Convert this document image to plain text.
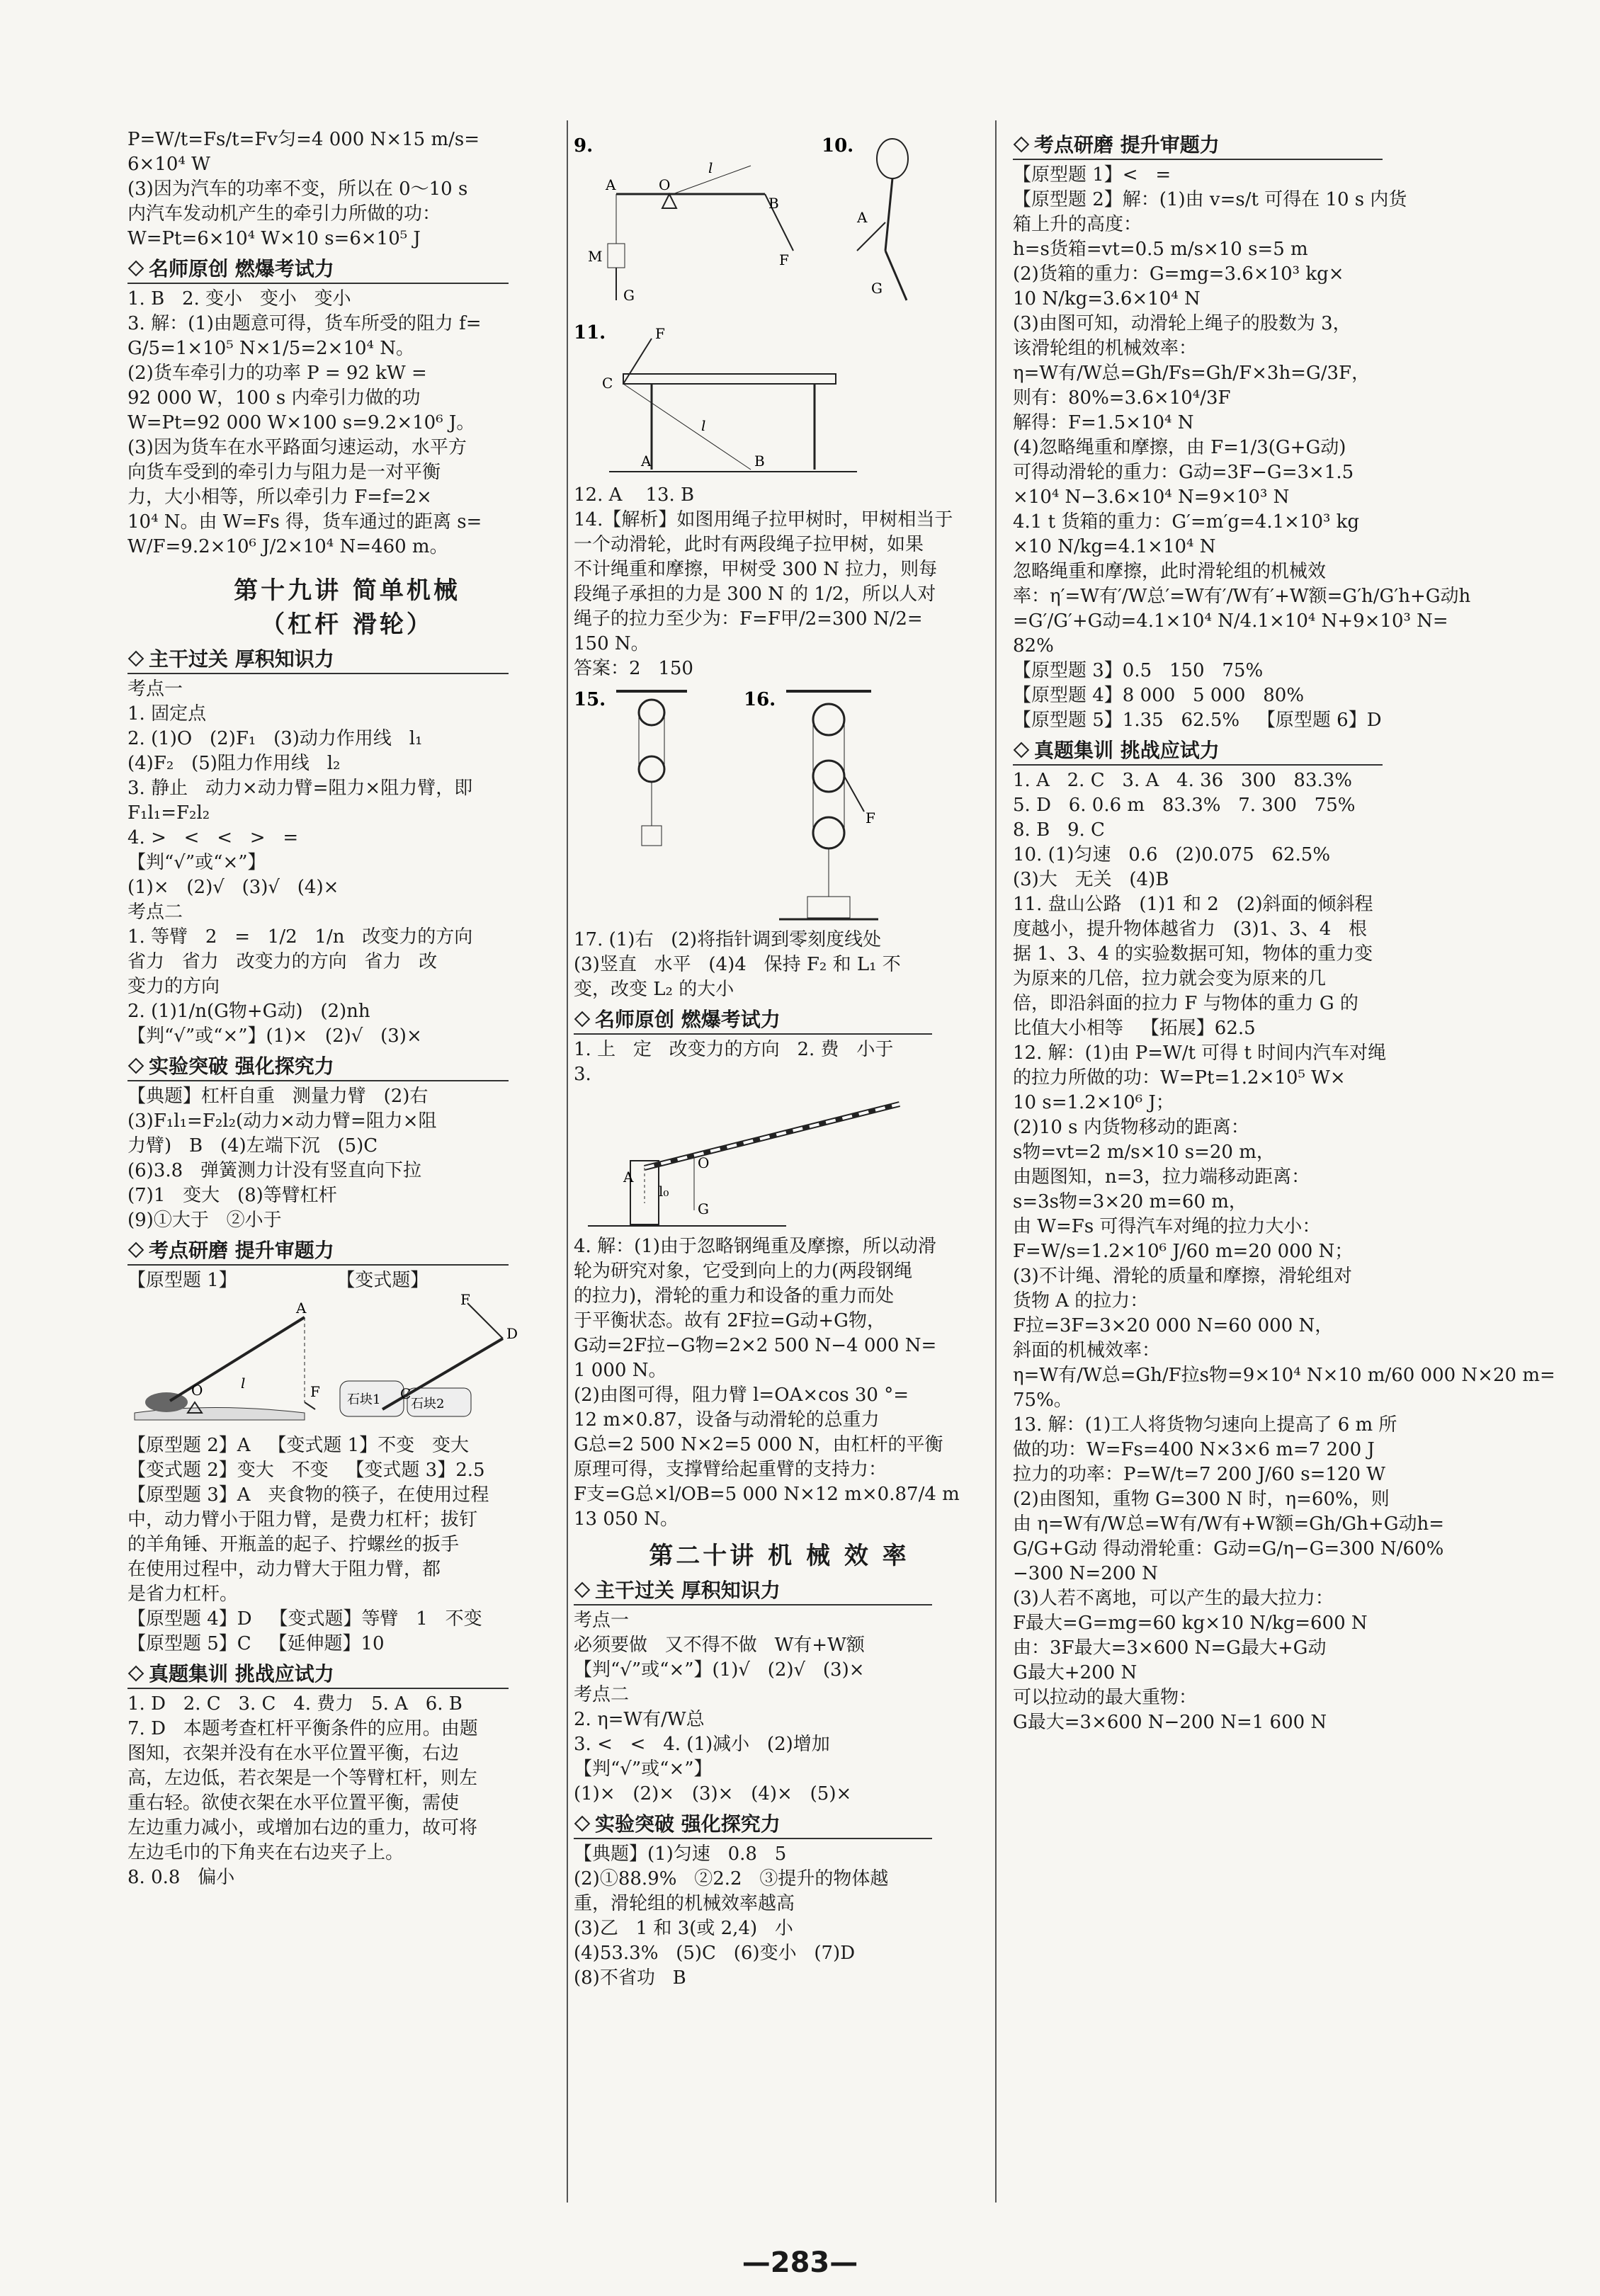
P=W/t=Fs/t=Fv匀=4 000 N×15 m/s=
6×10⁴ W
(3)因为汽车的功率不变，所以在 0～10 s
内汽车发动机产生的牵引力所做的功：
W=Pt=6×10⁴ W×10 s=6×10⁵ J
名师原创 燃爆考试力
1. B   2. 变小   变小   变小
3. 解：(1)由题意可得，货车所受的阻力 f=
G/5=1×10⁵ N×1/5=2×10⁴ N。
(2)货车牵引力的功率 P = 92 kW =
92 000 W，100 s 内牵引力做的功
W=Pt=92 000 W×100 s=9.2×10⁶ J。
(3)因为货车在水平路面匀速运动，水平方
向货车受到的牵引力与阻力是一对平衡
力，大小相等，所以牵引力 F=f=2×
10⁴ N。由 W=Fs 得，货车通过的距离 s=
W/F=9.2×10⁶ J/2×10⁴ N=460 m。
第十九讲 简单机械
（杠杆 滑轮）
主干过关 厚积知识力
考点一
1. 固定点
2. (1)O   (2)F₁   (3)动力作用线   l₁
(4)F₂   (5)阻力作用线   l₂
3. 静止   动力×动力臂=阻力×阻力臂，即
F₁l₁=F₂l₂
4. >   <   <   >   =
【判“√”或“×”】
(1)×   (2)√   (3)√   (4)×
考点二
1. 等臂   2   =   1/2   1/n   改变力的方向
省力   省力   改变力的方向   省力   改
变力的方向
2. (1)1/n(G物+G动)   (2)nh
【判“√”或“×”】(1)×   (2)√   (3)×
实验突破 强化探究力
【典题】杠杆自重   测量力臂   (2)右
(3)F₁l₁=F₂l₂(动力×动力臂=阻力×阻
力臂)   B   (4)左端下沉   (5)C
(6)3.8   弹簧测力计没有竖直向下拉
(7)1   变大   (8)等臂杠杆
(9)①大于   ②小于
考点研磨 提升审题力
【原型题 1】                 【变式题】
A
O	l	F 石块1 石块2
F
D
C
【原型题 2】A   【变式题 1】不变   变大
【变式题 2】变大   不变   【变式题 3】2.5
【原型题 3】A   夹食物的筷子，在使用过程
中，动力臂小于阻力臂，是费力杠杆；拔钉
的羊角锤、开瓶盖的起子、拧螺丝的扳手
在使用过程中，动力臂大于阻力臂，都
是省力杠杆。
【原型题 4】D   【变式题】等臂   1   不变
【原型题 5】C   【延伸题】10
真题集训 挑战应试力
1. D   2. C   3. C   4. 费力   5. A   6. B
7. D   本题考查杠杆平衡条件的应用。由题
图知，衣架并没有在水平位置平衡，右边
高，左边低，若衣架是一个等臂杠杆，则左
重右轻。欲使衣架在水平位置平衡，需使
左边重力减小，或增加右边的重力，故可将
左边毛巾的下角夹在右边夹子上。
8. 0.8   偏小
9.
A	O
l
B
M
G
F
10.
A
G
11.
C
F
l
B
A
12. A    13. B
14.【解析】如图用绳子拉甲树时，甲树相当于
一个动滑轮，此时有两段绳子拉甲树，如果
不计绳重和摩擦，甲树受 300 N 拉力，则每
段绳子承担的力是 300 N 的 1/2，所以人对
绳子的拉力至少为：F=F甲/2=300 N/2=
150 N。
答案：2   150
15.	16.
F
17. (1)右   (2)将指针调到零刻度线处
(3)竖直   水平   (4)4   保持 F₂ 和 L₁ 不
变，改变 L₂ 的大小
名师原创 燃爆考试力
1. 上   定   改变力的方向   2. 费   小于
3.
A
l₀
G
O
4. 解：(1)由于忽略钢绳重及摩擦，所以动滑
轮为研究对象，它受到向上的力(两段钢绳
的拉力)，滑轮的重力和设备的重力而处
于平衡状态。故有 2F拉=G动+G物，
G动=2F拉−G物=2×2 500 N−4 000 N=
1 000 N。
(2)由图可得，阻力臂 l=OA×cos 30 °=
12 m×0.87，设备与动滑轮的总重力
G总=2 500 N×2=5 000 N，由杠杆的平衡
原理可得，支撑臂给起重臂的支持力：
F支=G总×l/OB=5 000 N×12 m×0.87/4 m
13 050 N。
第二十讲 机 械 效 率
主干过关 厚积知识力
考点一
必须要做   又不得不做   W有+W额
【判“√”或“×”】(1)√   (2)√   (3)×
考点二
2. η=W有/W总
3. <   <   4. (1)减小   (2)增加
【判“√”或“×”】
(1)×   (2)×   (3)×   (4)×   (5)×
实验突破 强化探究力
【典题】(1)匀速   0.8   5
(2)①88.9%   ②2.2   ③提升的物体越
重，滑轮组的机械效率越高
(3)乙   1 和 3(或 2,4)   小
(4)53.3%   (5)C   (6)变小   (7)D
(8)不省功   B
考点研磨 提升审题力
【原型题 1】<   =
【原型题 2】解：(1)由 v=s/t 可得在 10 s 内货
箱上升的高度：
h=s货箱=vt=0.5 m/s×10 s=5 m
(2)货箱的重力：G=mg=3.6×10³ kg×
10 N/kg=3.6×10⁴ N
(3)由图可知，动滑轮上绳子的股数为 3，
该滑轮组的机械效率：
η=W有/W总=Gh/Fs=Gh/F×3h=G/3F，
则有：80%=3.6×10⁴/3F
解得：F=1.5×10⁴ N
(4)忽略绳重和摩擦，由 F=1/3(G+G动)
可得动滑轮的重力：G动=3F−G=3×1.5
×10⁴ N−3.6×10⁴ N=9×10³ N
4.1 t 货箱的重力：G′=m′g=4.1×10³ kg
×10 N/kg=4.1×10⁴ N
忽略绳重和摩擦，此时滑轮组的机械效
率：η′=W有′/W总′=W有′/W有′+W额=G′h/G′h+G动h
=G′/G′+G动=4.1×10⁴ N/4.1×10⁴ N+9×10³ N=
82%
【原型题 3】0.5   150   75%
【原型题 4】8 000   5 000   80%
【原型题 5】1.35   62.5%   【原型题 6】D
真题集训 挑战应试力
1. A   2. C   3. A   4. 36   300   83.3%
5. D   6. 0.6 m   83.3%   7. 300   75%
8. B   9. C
10. (1)匀速   0.6   (2)0.075   62.5%
(3)大   无关   (4)B
11. 盘山公路   (1)1 和 2   (2)斜面的倾斜程
度越小，提升物体越省力   (3)1、3、4   根
据 1、3、4 的实验数据可知，物体的重力变
为原来的几倍，拉力就会变为原来的几
倍，即沿斜面的拉力 F 与物体的重力 G 的
比值大小相等   【拓展】62.5
12. 解：(1)由 P=W/t 可得 t 时间内汽车对绳
的拉力所做的功：W=Pt=1.2×10⁵ W×
10 s=1.2×10⁶ J；
(2)10 s 内货物移动的距离：
s物=vt=2 m/s×10 s=20 m，
由题图知，n=3，拉力端移动距离：
s=3s物=3×20 m=60 m，
由 W=Fs 可得汽车对绳的拉力大小：
F=W/s=1.2×10⁶ J/60 m=20 000 N；
(3)不计绳、滑轮的质量和摩擦，滑轮组对
货物 A 的拉力：
F拉=3F=3×20 000 N=60 000 N，
斜面的机械效率：
η=W有/W总=Gh/F拉s物=9×10⁴ N×10 m/60 000 N×20 m=
75%。
13. 解：(1)工人将货物匀速向上提高了 6 m 所
做的功：W=Fs=400 N×3×6 m=7 200 J
拉力的功率：P=W/t=7 200 J/60 s=120 W
(2)由图知，重物 G=300 N 时，η=60%，则
由 η=W有/W总=W有/W有+W额=Gh/Gh+G动h=
G/G+G动 得动滑轮重：G动=G/η−G=300 N/60%
−300 N=200 N
(3)人若不离地，可以产生的最大拉力：
F最大=G=mg=60 kg×10 N/kg=600 N
由：3F最大=3×600 N=G最大+G动
G最大+200 N
可以拉动的最大重物：
G最大=3×600 N−200 N=1 600 N
—283—
